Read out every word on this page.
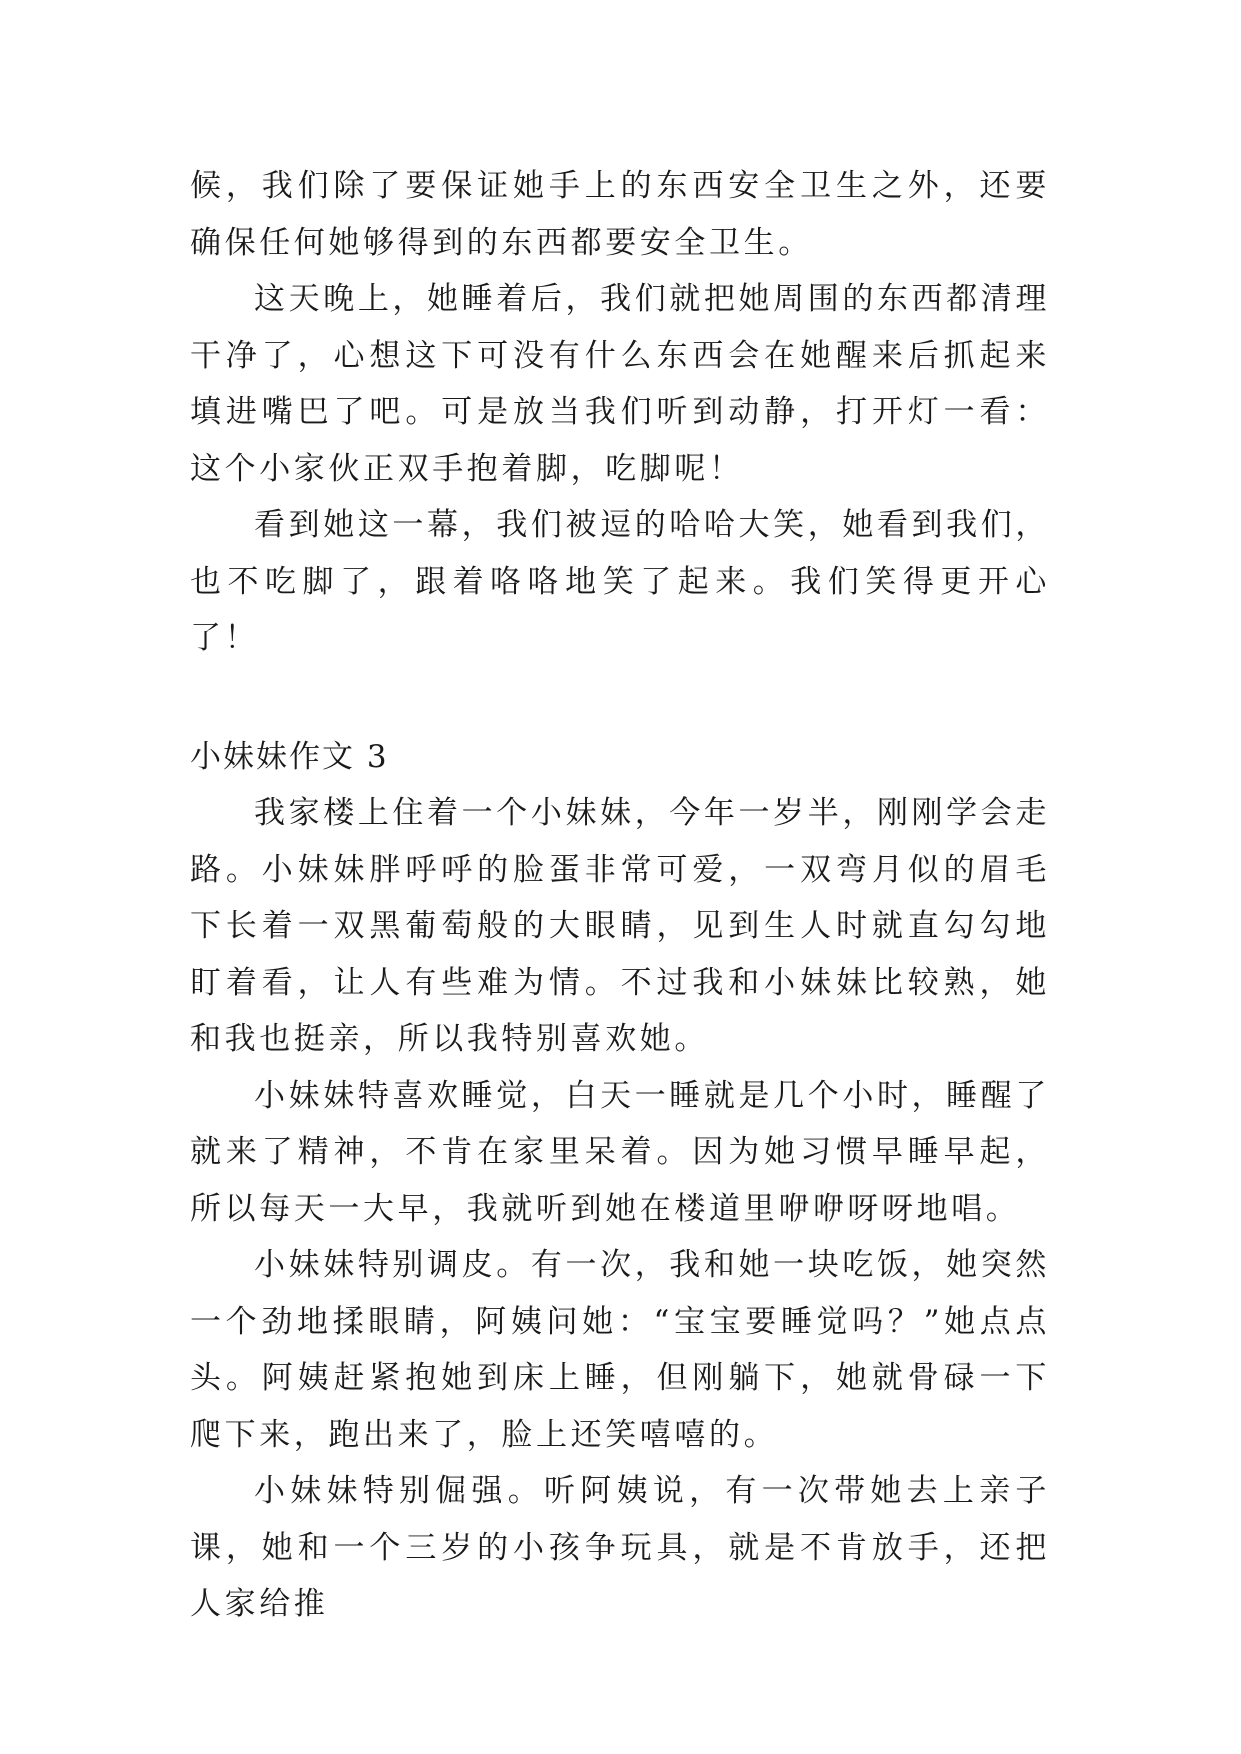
候，我们除了要保证她手上的东西安全卫生之外，还要确保任何她够得到的东西都要安全卫生。

这天晚上，她睡着后，我们就把她周围的东西都清理干净了，心想这下可没有什么东西会在她醒来后抓起来填进嘴巴了吧。可是放当我们听到动静，打开灯一看：这个小家伙正双手抱着脚，吃脚呢！

看到她这一幕，我们被逗的哈哈大笑，她看到我们，也不吃脚了，跟着咯咯地笑了起来。我们笑得更开心了！

小妹妹作文 3

我家楼上住着一个小妹妹，今年一岁半，刚刚学会走路。小妹妹胖呼呼的脸蛋非常可爱，一双弯月似的眉毛下长着一双黑葡萄般的大眼睛，见到生人时就直勾勾地盯着看，让人有些难为情。不过我和小妹妹比较熟，她和我也挺亲，所以我特别喜欢她。

小妹妹特喜欢睡觉，白天一睡就是几个小时，睡醒了就来了精神，不肯在家里呆着。因为她习惯早睡早起，所以每天一大早，我就听到她在楼道里咿咿呀呀地唱。

小妹妹特别调皮。有一次，我和她一块吃饭，她突然一个劲地揉眼睛，阿姨问她：“宝宝要睡觉吗？”她点点头。阿姨赶紧抱她到床上睡，但刚躺下，她就骨碌一下爬下来，跑出来了，脸上还笑嘻嘻的。

小妹妹特别倔强。听阿姨说，有一次带她去上亲子课，她和一个三岁的小孩争玩具，就是不肯放手，还把人家给推
